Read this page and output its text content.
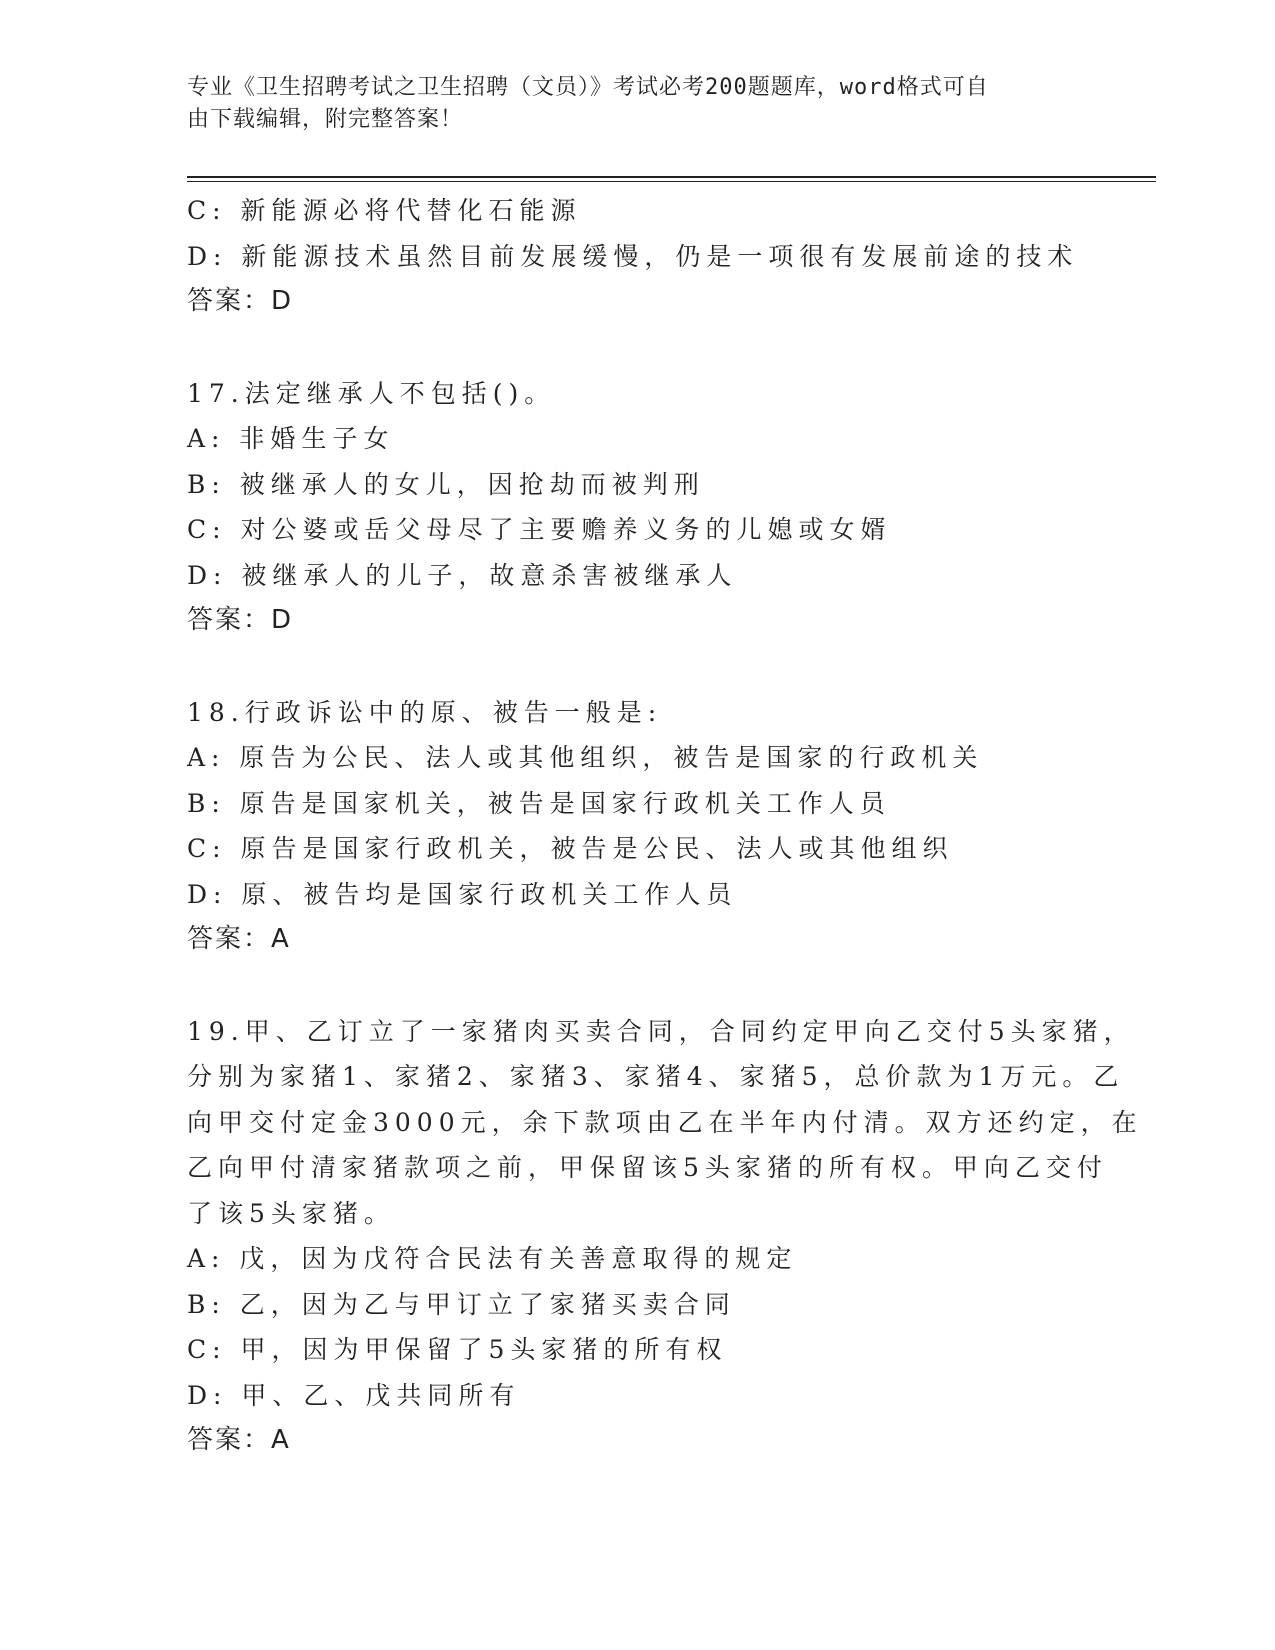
专业《卫生招聘考试之卫生招聘（文员）》考试必考200题题库，word格式可自
由下载编辑，附完整答案！
C: 新能源必将代替化石能源
D: 新能源技术虽然目前发展缓慢，仍是一项很有发展前途的技术
答案：D
17.法定继承人不包括()。
A: 非婚生子女
B: 被继承人的女儿，因抢劫而被判刑
C: 对公婆或岳父母尽了主要赡养义务的儿媳或女婿
D: 被继承人的儿子，故意杀害被继承人
答案：D
18.行政诉讼中的原、被告一般是:
A: 原告为公民、法人或其他组织，被告是国家的行政机关
B: 原告是国家机关，被告是国家行政机关工作人员
C: 原告是国家行政机关，被告是公民、法人或其他组织
D: 原、被告均是国家行政机关工作人员
答案：A
19.甲、乙订立了一家猪肉买卖合同，合同约定甲向乙交付5头家猪，
分别为家猪1、家猪2、家猪3、家猪4、家猪5，总价款为1万元。乙
向甲交付定金3000元，余下款项由乙在半年内付清。双方还约定，在
乙向甲付清家猪款项之前，甲保留该5头家猪的所有权。甲向乙交付
了该5头家猪。
A: 戊，因为戊符合民法有关善意取得的规定
B: 乙，因为乙与甲订立了家猪买卖合同
C: 甲，因为甲保留了5头家猪的所有权
D: 甲、乙、戊共同所有
答案：A
